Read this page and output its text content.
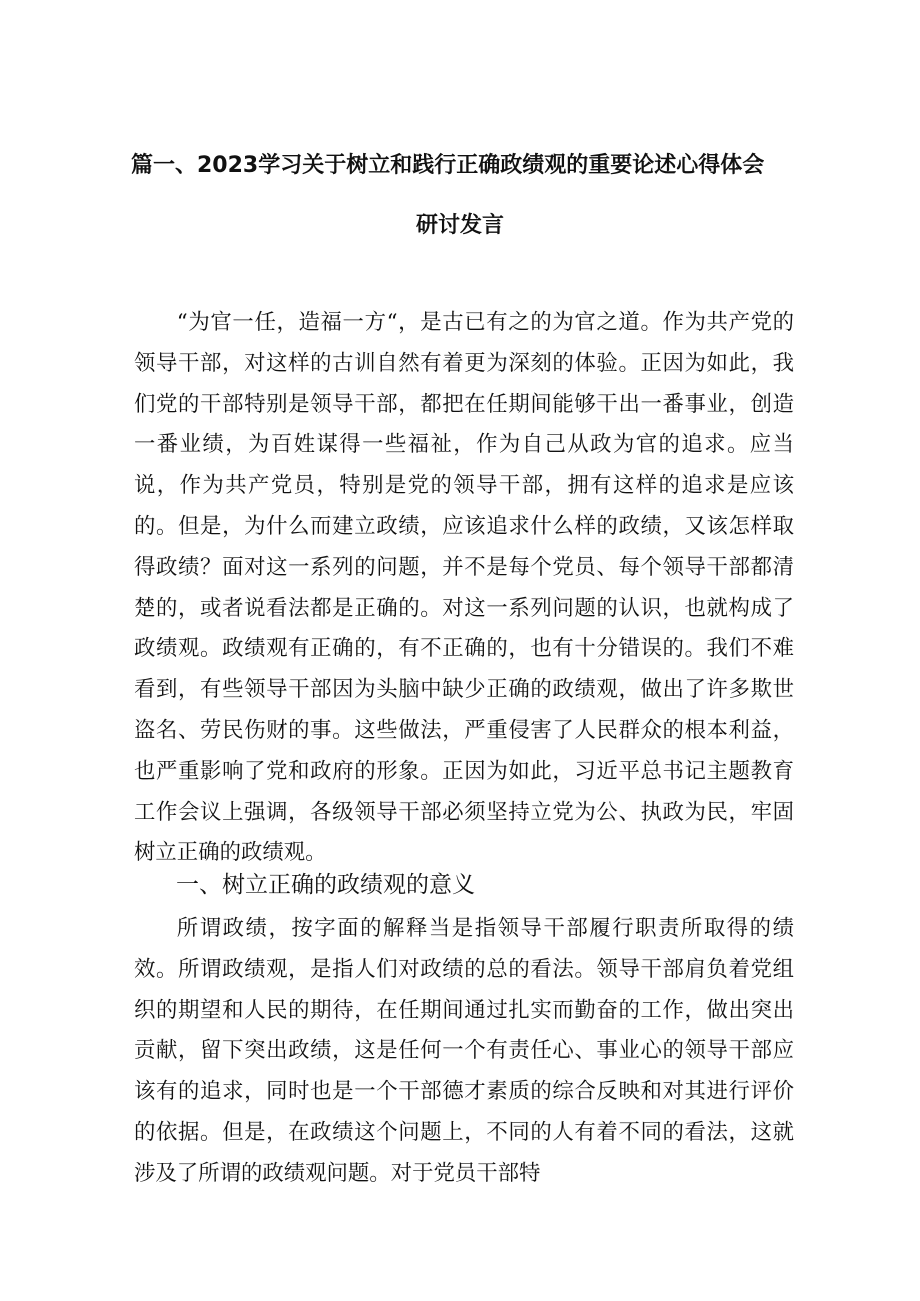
篇一、2023学习关于树立和践行正确政绩观的重要论述心得体会
研讨发言
“为官一任，造福一方“，是古已有之的为官之道。作为共产党的领导干部，对这样的古训自然有着更为深刻的体验。正因为如此，我们党的干部特别是领导干部，都把在任期间能够干出一番事业，创造一番业绩，为百姓谋得一些福祉，作为自己从政为官的追求。应当说，作为共产党员，特别是党的领导干部，拥有这样的追求是应该的。但是，为什么而建立政绩，应该追求什么样的政绩，又该怎样取得政绩？面对这一系列的问题，并不是每个党员、每个领导干部都清楚的，或者说看法都是正确的。对这一系列问题的认识，也就构成了政绩观。政绩观有正确的，有不正确的，也有十分错误的。我们不难看到，有些领导干部因为头脑中缺少正确的政绩观，做出了许多欺世盗名、劳民伤财的事。这些做法，严重侵害了人民群众的根本利益，也严重影响了党和政府的形象。正因为如此，习近平总书记主题教育工作会议上强调，各级领导干部必须坚持立党为公、执政为民，牢固树立正确的政绩观。
一、树立正确的政绩观的意义
所谓政绩，按字面的解释当是指领导干部履行职责所取得的绩效。所谓政绩观，是指人们对政绩的总的看法。领导干部肩负着党组织的期望和人民的期待，在任期间通过扎实而勤奋的工作，做出突出贡献，留下突出政绩，这是任何一个有责任心、事业心的领导干部应该有的追求，同时也是一个干部德才素质的综合反映和对其进行评价的依据。但是，在政绩这个问题上，不同的人有着不同的看法，这就涉及了所谓的政绩观问题。对于党员干部特
